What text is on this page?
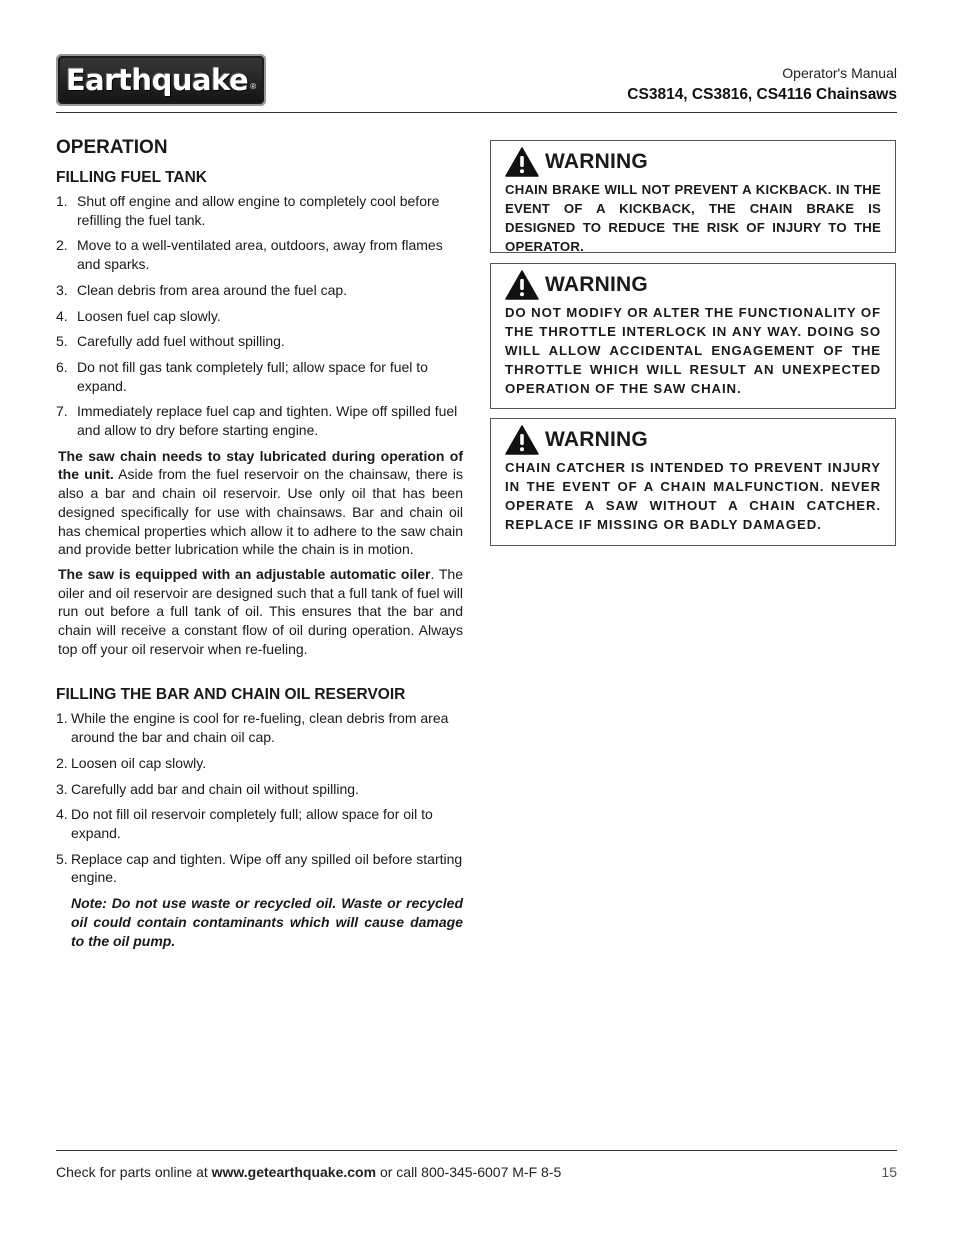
Earthquake ®
Operator's Manual
CS3814, CS3816, CS4116 Chainsaws
OPERATION
FILLING FUEL TANK
1. Shut off engine and allow engine to completely cool before refilling the fuel tank.
2. Move to a well-ventilated area, outdoors, away from flames and sparks.
3. Clean debris from area around the fuel cap.
4. Loosen fuel cap slowly.
5. Carefully add fuel without spilling.
6. Do not fill gas tank completely full; allow space for fuel to expand.
7. Immediately replace fuel cap and tighten. Wipe off spilled fuel and allow to dry before starting engine.

The saw chain needs to stay lubricated during operation of the unit. Aside from the fuel reservoir on the chainsaw, there is also a bar and chain oil reservoir. Use only oil that has been designed specifically for use with chainsaws. Bar and chain oil has chemical properties which allow it to adhere to the saw chain and provide better lubrication while the chain is in motion.

The saw is equipped with an adjustable automatic oiler. The oiler and oil reservoir are designed such that a full tank of fuel will run out before a full tank of oil. This ensures that the bar and chain will receive a constant flow of oil during operation. Always top off your oil reservoir when re-fueling.

FILLING THE BAR AND CHAIN OIL RESERVOIR
1. While the engine is cool for re-fueling, clean debris from area around the bar and chain oil cap.
2. Loosen oil cap slowly.
3. Carefully add bar and chain oil without spilling.
4. Do not fill oil reservoir completely full; allow space for oil to expand.
5. Replace cap and tighten. Wipe off any spilled oil before starting engine.
Note: Do not use waste or recycled oil. Waste or recycled oil could contain contaminants which will cause damage to the oil pump.
WARNING
CHAIN BRAKE WILL NOT PREVENT A KICKBACK. IN THE EVENT OF A KICKBACK, THE CHAIN BRAKE IS DESIGNED TO REDUCE THE RISK OF INJURY TO THE OPERATOR.
WARNING
DO NOT MODIFY OR ALTER THE FUNCTIONALITY OF THE THROTTLE INTERLOCK IN ANY WAY. DOING SO WILL ALLOW ACCIDENTAL ENGAGEMENT OF THE THROTTLE WHICH WILL RESULT AN UNEXPECTED OPERATION OF THE SAW CHAIN.
WARNING
CHAIN CATCHER IS INTENDED TO PREVENT INJURY IN THE EVENT OF A CHAIN MALFUNCTION. NEVER OPERATE A SAW WITHOUT A CHAIN CATCHER. REPLACE IF MISSING OR BADLY DAMAGED.
Check for parts online at www.getearthquake.com or call 800-345-6007 M-F 8-5	15
